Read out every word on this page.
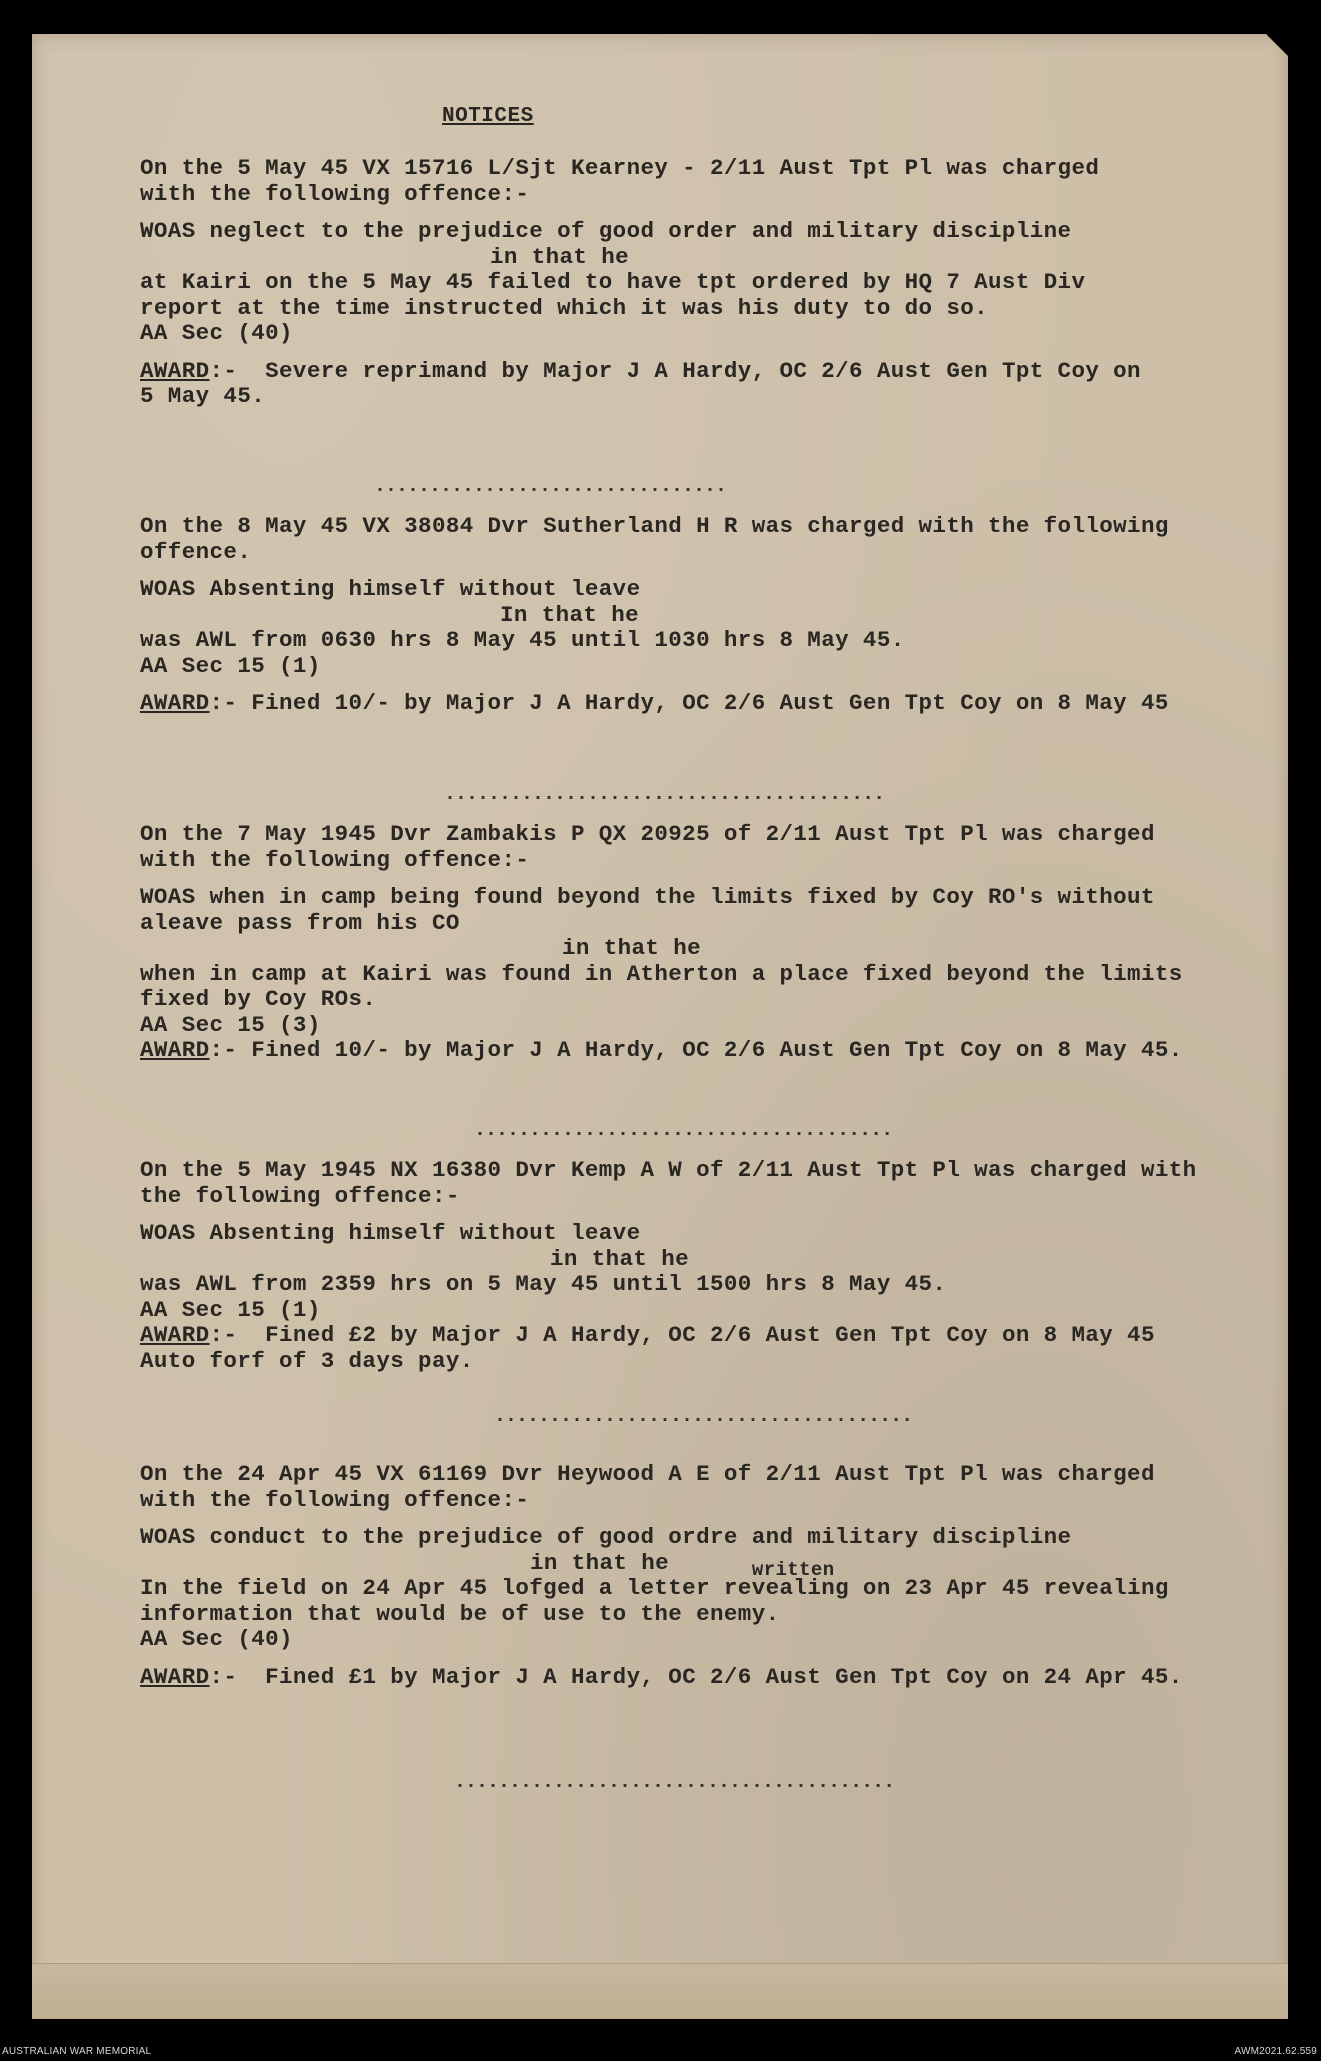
NOTICES
On the 5 May 45 VX 15716 L/Sjt Kearney - 2/11 Aust Tpt Pl was charged
with the following offence:-
WOAS neglect to the prejudice of good order and military discipline
in that he
at Kairi on the 5 May 45 failed to have tpt ordered by HQ 7 Aust Div
report at the time instructed which it was his duty to do so.
AA Sec (40)
AWARD:-  Severe reprimand by Major J A Hardy, OC 2/6 Aust Gen Tpt Coy on
5 May 45.
................................
On the 8 May 45 VX 38084 Dvr Sutherland H R was charged with the following
offence.
WOAS Absenting himself without leave
In that he
was AWL from 0630 hrs 8 May 45 until 1030 hrs 8 May 45.
AA Sec 15 (1)
AWARD:- Fined 10/- by Major J A Hardy, OC 2/6 Aust Gen Tpt Coy on 8 May 45
........................................
On the 7 May 1945 Dvr Zambakis P QX 20925 of 2/11 Aust Tpt Pl was charged
with the following offence:-
WOAS when in camp being found beyond the limits fixed by Coy RO's without
aleave pass from his CO
in that he
when in camp at Kairi was found in Atherton a place fixed beyond the limits
fixed by Coy ROs.
AA Sec 15 (3)
AWARD:- Fined 10/- by Major J A Hardy, OC 2/6 Aust Gen Tpt Coy on 8 May 45.
......................................
On the 5 May 1945 NX 16380 Dvr Kemp A W of 2/11 Aust Tpt Pl was charged with
the following offence:-
WOAS Absenting himself without leave
in that he
was AWL from 2359 hrs on 5 May 45 until 1500 hrs 8 May 45.
AA Sec 15 (1)
AWARD:-  Fined £2 by Major J A Hardy, OC 2/6 Aust Gen Tpt Coy on 8 May 45
Auto forf of 3 days pay.
......................................
On the 24 Apr 45 VX 61169 Dvr Heywood A E of 2/11 Aust Tpt Pl was charged
with the following offence:-
WOAS conduct to the prejudice of good ordre and military discipline
in that he
In the field on 24 Apr 45 lofged a letter revealing
written
on 23 Apr 45 revealing
information that would be of use to the enemy.
AA Sec (40)
AWARD:-  Fined £1 by Major J A Hardy, OC 2/6 Aust Gen Tpt Coy on 24 Apr 45.
........................................
AUSTRALIAN WAR MEMORIAL	AWM2021.62.559
